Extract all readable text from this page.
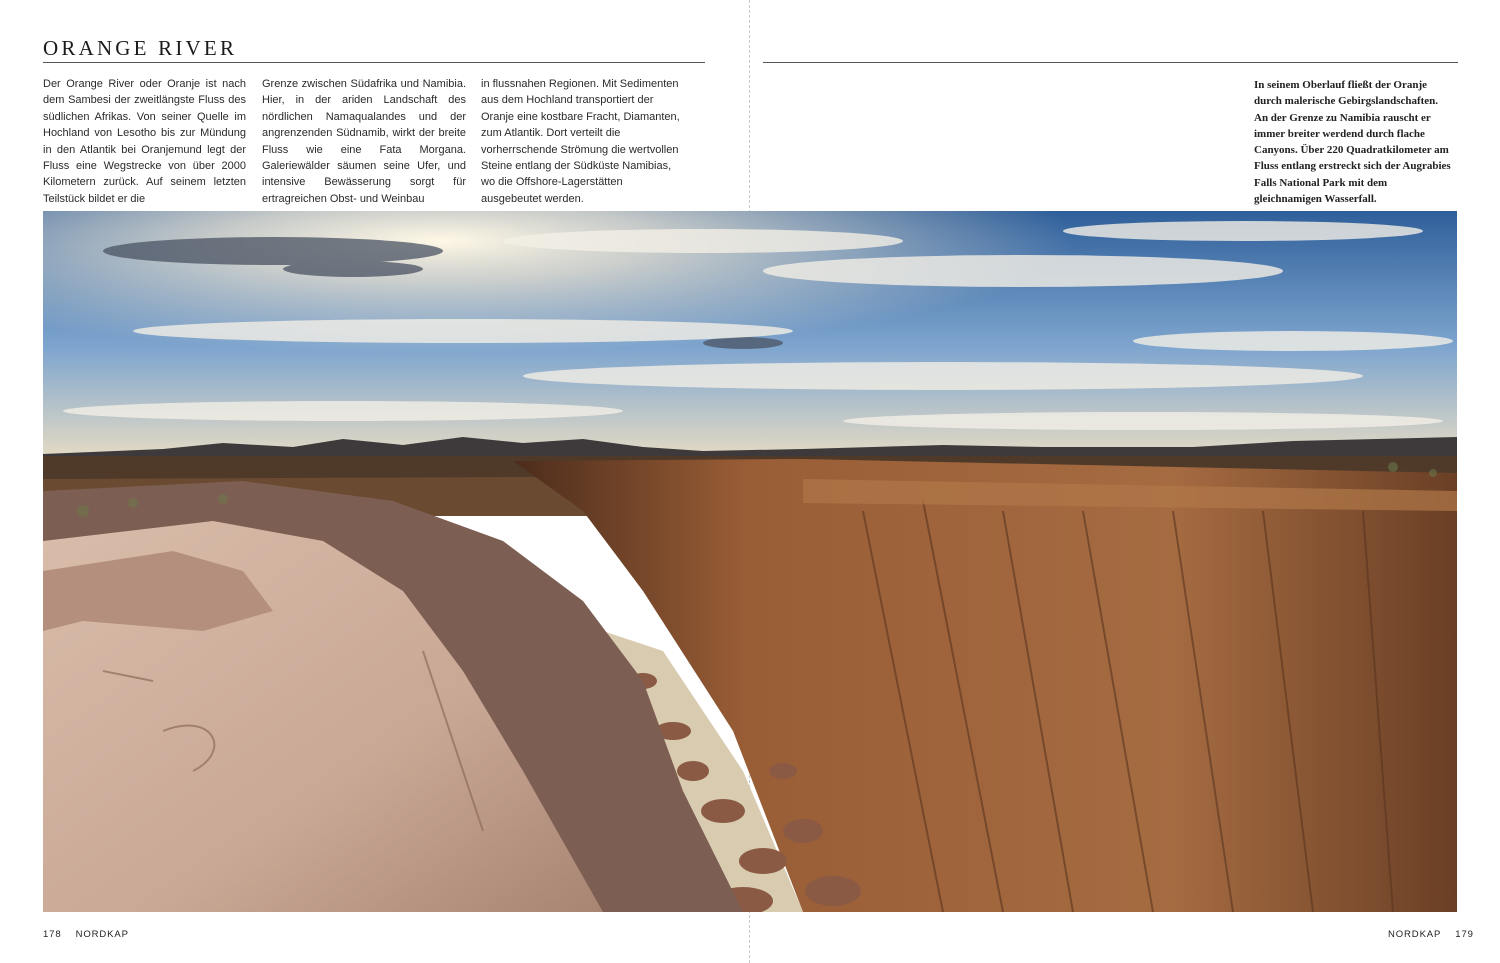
ORANGE RIVER

Der Orange River oder Oranje ist nach dem Sambesi der zweitlängste Fluss des südlichen Afrikas. Von seiner Quelle im Hochland von Lesotho bis zur Mündung in den Atlantik bei Oranjemund legt der Fluss eine Wegstrecke von über 2000 Kilometern zurück. Auf seinem letzten Teilstück bildet er die

Grenze zwischen Südafrika und Namibia. Hier, in der ariden Landschaft des nördlichen Namaqualandes und der angrenzenden Südnamib, wirkt der breite Fluss wie eine Fata Morgana. Galeriewälder säumen seine Ufer, und intensive Bewässerung sorgt für ertragreichen Obst- und Weinbau

in flussnahen Regionen. Mit Sedimenten aus dem Hochland transportiert der Oranje eine kostbare Fracht, Diamanten, zum Atlantik. Dort verteilt die vorherrschende Strömung die wertvollen Steine entlang der Südküste Namibias, wo die Offshore-Lagerstätten ausgebeutet werden.

In seinem Oberlauf fließt der Oranje durch malerische Gebirgslandschaften. An der Grenze zu Namibia rauscht er immer breiter werdend durch flache Canyons. Über 220 Quadratkilometer am Fluss entlang erstreckt sich der Augrabies Falls National Park mit dem gleichnamigen Wasserfall.

178 NORDKAP	NORDKAP 179
